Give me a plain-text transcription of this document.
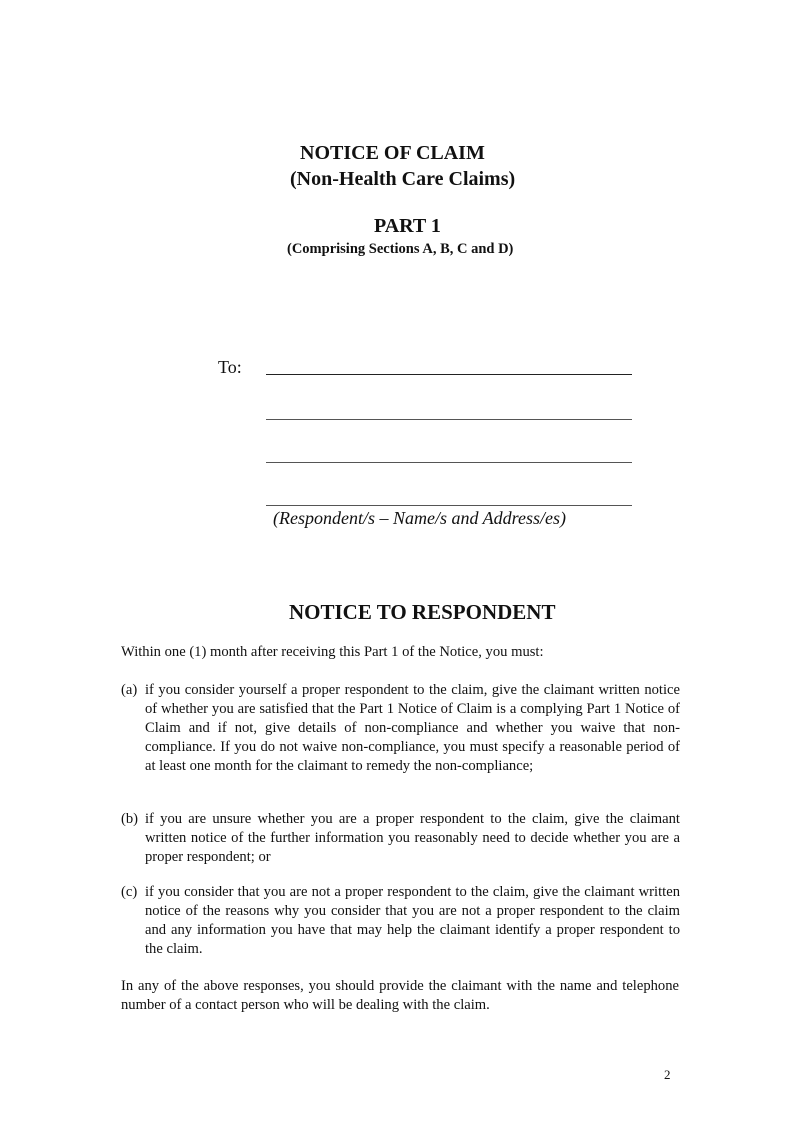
NOTICE OF CLAIM
(Non-Health Care Claims)
PART 1
(Comprising Sections A, B, C and D)
To:
(Respondent/s – Name/s and Address/es)
NOTICE TO RESPONDENT
Within one (1) month after receiving this Part 1 of the Notice, you must:
(a) if you consider yourself a proper respondent to the claim, give the claimant written notice of whether you are satisfied that the Part 1 Notice of Claim is a complying Part 1 Notice of Claim and if not, give details of non-compliance and whether you waive that non-compliance. If you do not waive non-compliance, you must specify a reasonable period of at least one month for the claimant to remedy the non-compliance;
(b) if you are unsure whether you are a proper respondent to the claim, give the claimant written notice of the further information you reasonably need to decide whether you are a proper respondent; or
(c) if you consider that you are not a proper respondent to the claim, give the claimant written notice of the reasons why you consider that you are not a proper respondent to the claim and any information you have that may help the claimant identify a proper respondent to the claim.
In any of the above responses, you should provide the claimant with the name and telephone number of a contact person who will be dealing with the claim.
2
